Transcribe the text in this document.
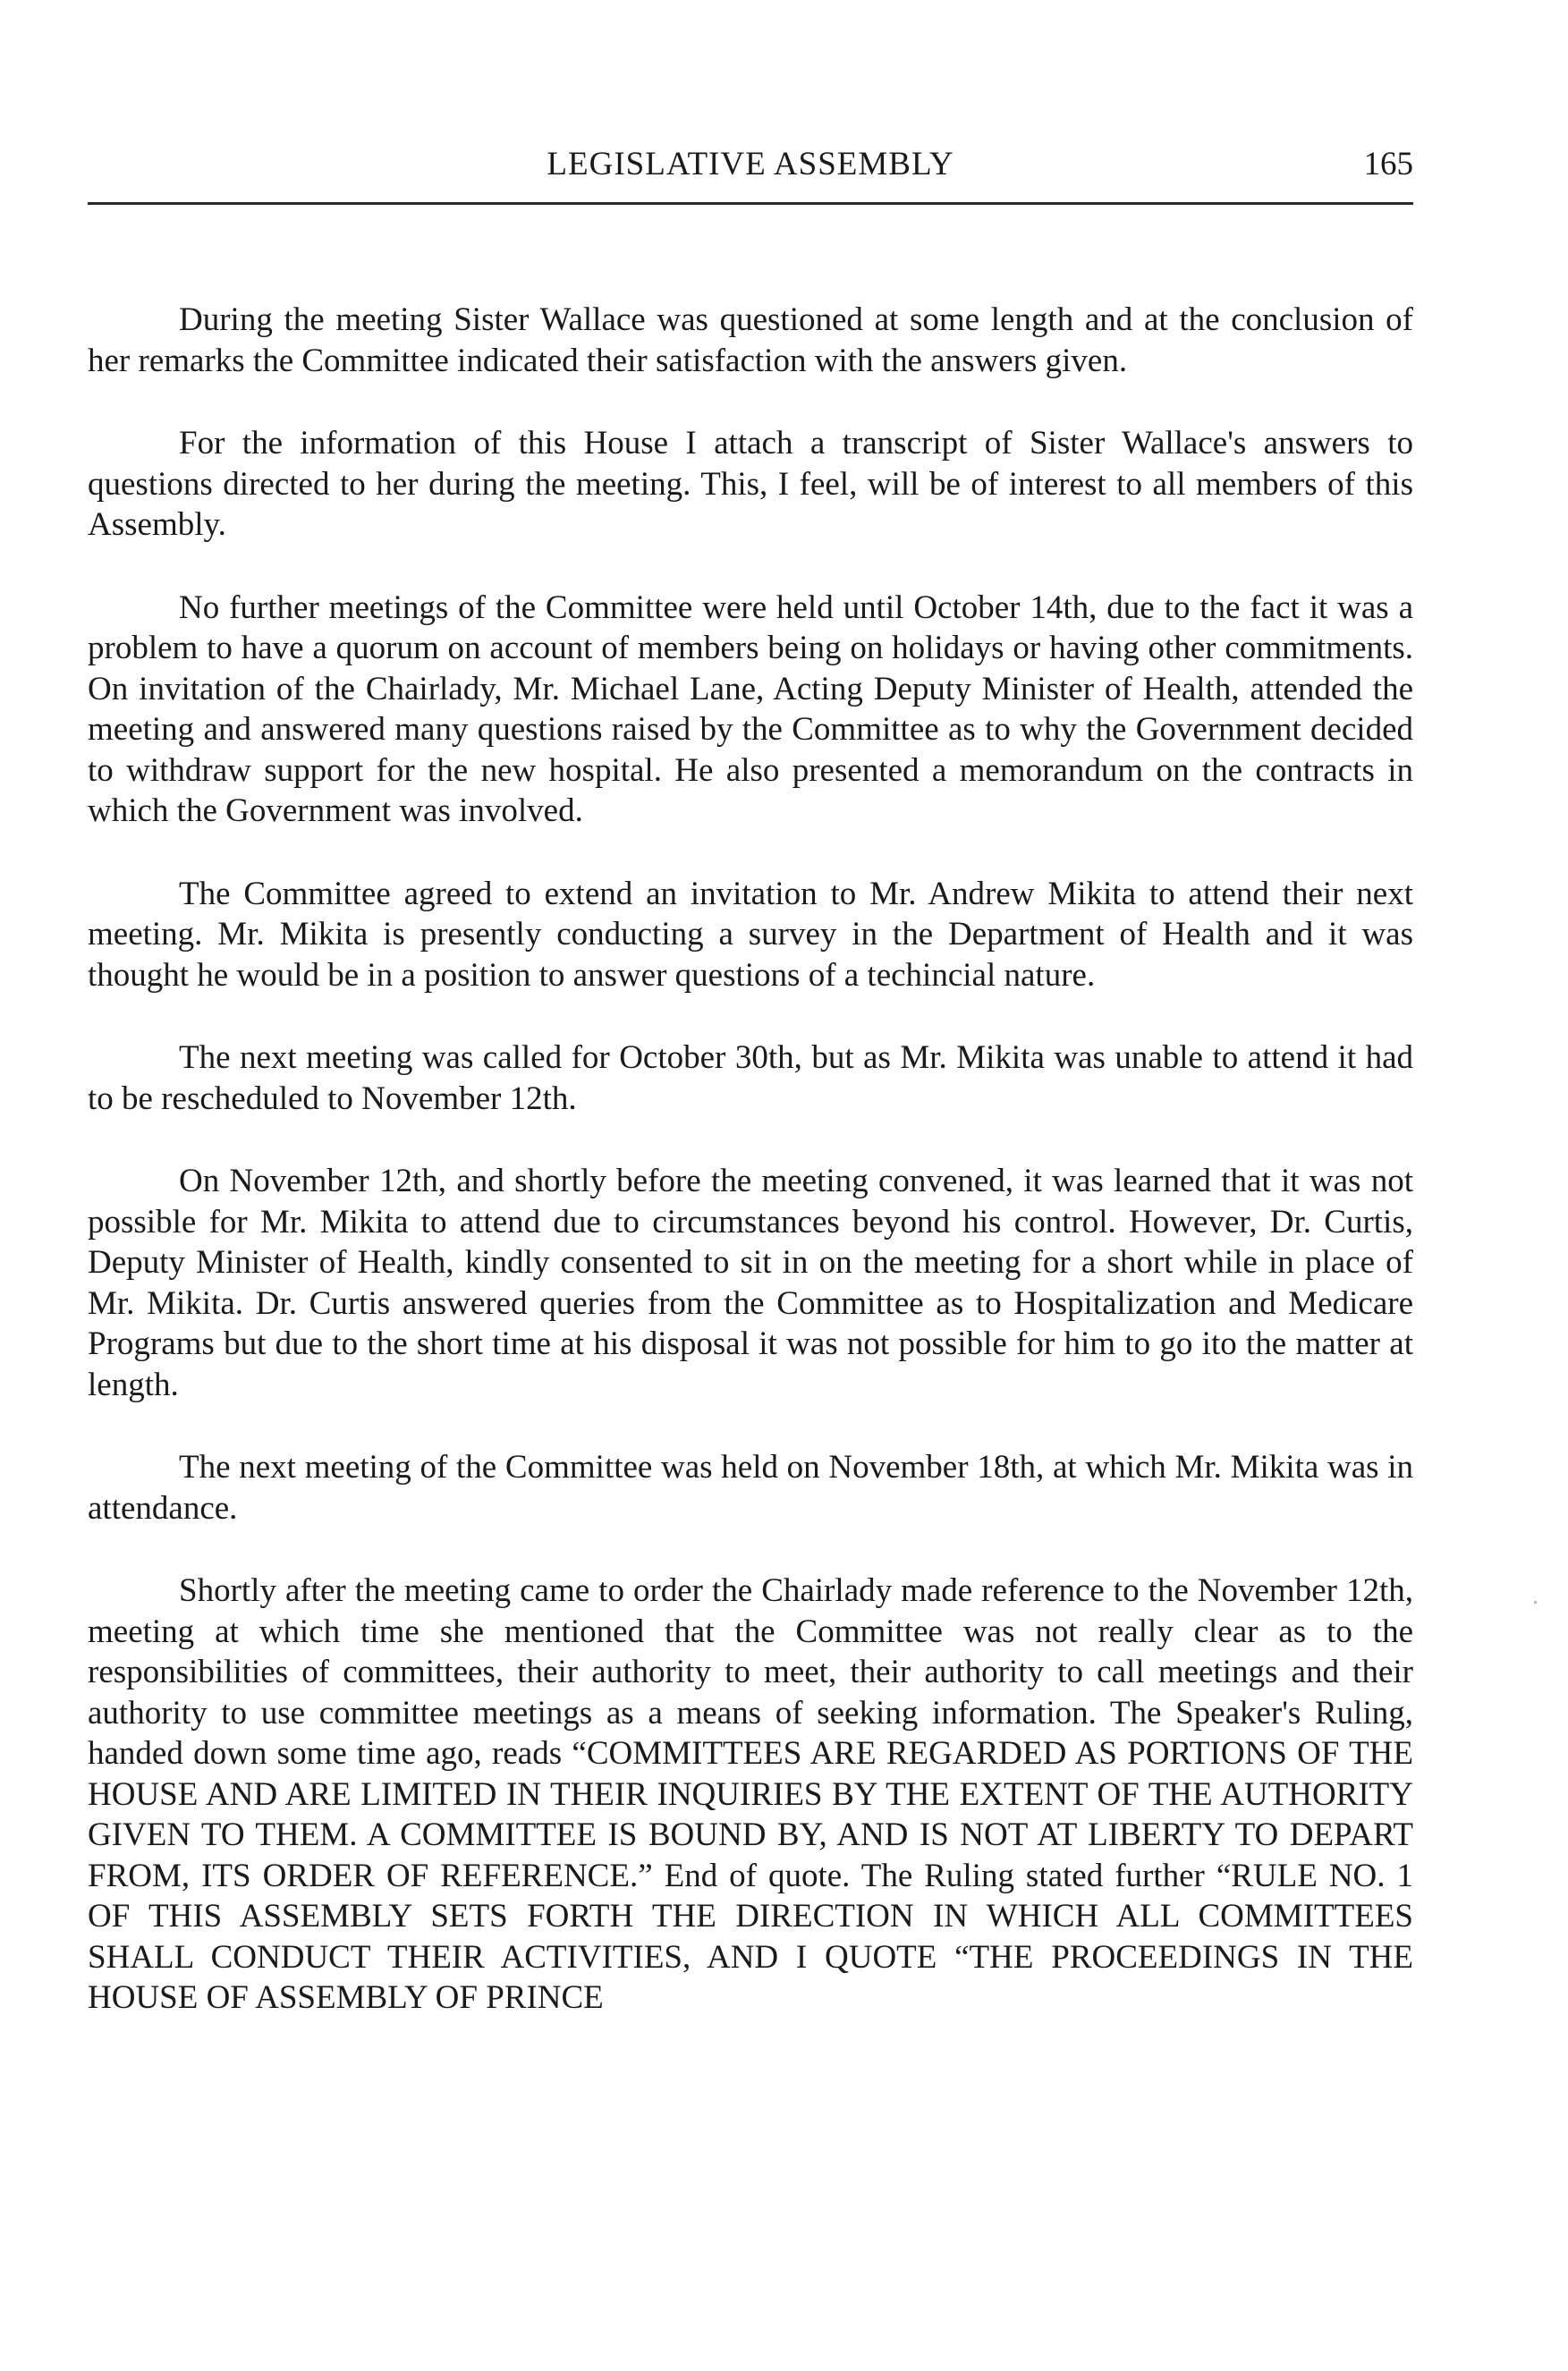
LEGISLATIVE ASSEMBLY	165

During the meeting Sister Wallace was questioned at some length and at the conclusion of her remarks the Committee indicated their satisfaction with the answers given.

For the information of this House I attach a transcript of Sister Wallace's answers to questions directed to her during the meeting. This, I feel, will be of interest to all members of this Assembly.

No further meetings of the Committee were held until October 14th, due to the fact it was a problem to have a quorum on account of members being on holidays or having other commitments. On invitation of the Chairlady, Mr. Michael Lane, Acting Deputy Minister of Health, attended the meeting and answered many questions raised by the Committee as to why the Government decided to withdraw support for the new hospital. He also presented a memorandum on the contracts in which the Government was involved.

The Committee agreed to extend an invitation to Mr. Andrew Mikita to attend their next meeting. Mr. Mikita is presently conducting a survey in the Department of Health and it was thought he would be in a position to answer questions of a techincial nature.

The next meeting was called for October 30th, but as Mr. Mikita was unable to attend it had to be rescheduled to November 12th.

On November 12th, and shortly before the meeting convened, it was learned that it was not possible for Mr. Mikita to attend due to circumstances beyond his control. However, Dr. Curtis, Deputy Minister of Health, kindly consented to sit in on the meeting for a short while in place of Mr. Mikita. Dr. Curtis answered queries from the Committee as to Hospitalization and Medicare Programs but due to the short time at his disposal it was not possible for him to go ito the matter at length.

The next meeting of the Committee was held on November 18th, at which Mr. Mikita was in attendance.

Shortly after the meeting came to order the Chairlady made reference to the November 12th, meeting at which time she mentioned that the Committee was not really clear as to the responsibilities of committees, their authority to meet, their authority to call meetings and their authority to use committee meetings as a means of seeking information. The Speaker's Ruling, handed down some time ago, reads “COMMITTEES ARE REGARDED AS PORTIONS OF THE HOUSE AND ARE LIMITED IN THEIR INQUIRIES BY THE EXTENT OF THE AUTHORITY GIVEN TO THEM. A COMMITTEE IS BOUND BY, AND IS NOT AT LIBERTY TO DEPART FROM, ITS ORDER OF REFERENCE.” End of quote. The Ruling stated further “RULE NO. 1 OF THIS ASSEMBLY SETS FORTH THE DIRECTION IN WHICH ALL COMMITTEES SHALL CONDUCT THEIR ACTIVITIES, AND I QUOTE “THE PROCEEDINGS IN THE HOUSE OF ASSEMBLY OF PRINCE
